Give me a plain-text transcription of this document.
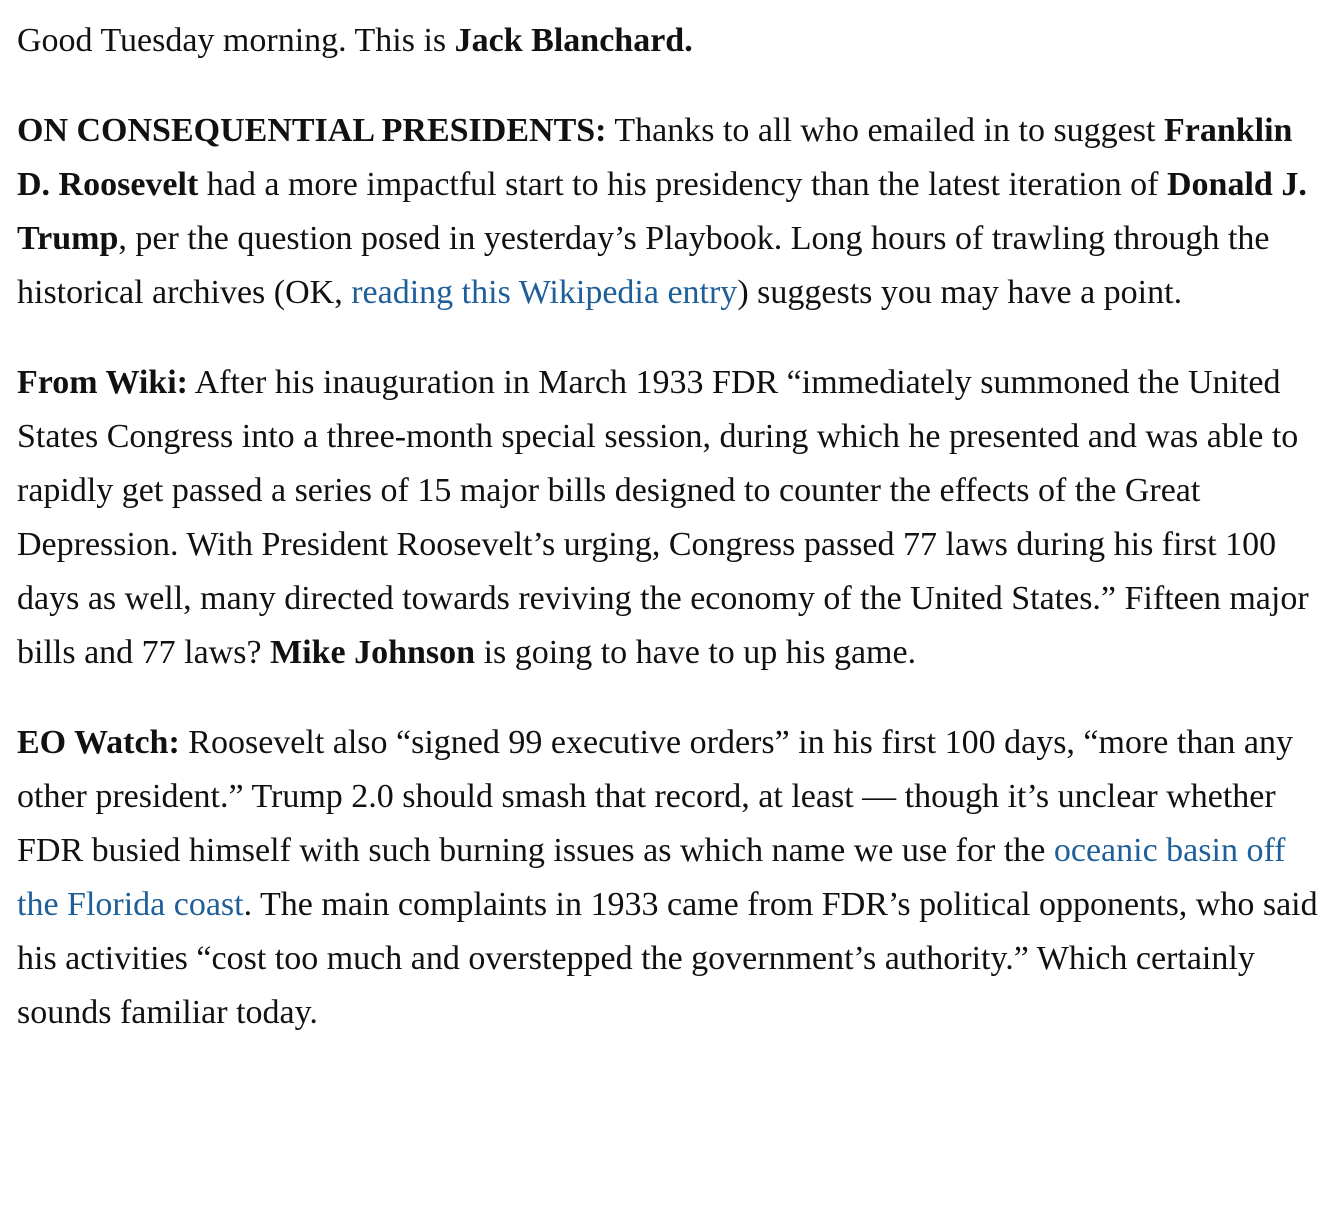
Good Tuesday morning. This is Jack Blanchard.

ON CONSEQUENTIAL PRESIDENTS: Thanks to all who emailed in to suggest Franklin D. Roosevelt had a more impactful start to his presidency than the latest iteration of Donald J. Trump, per the question posed in yesterday’s Playbook. Long hours of trawling through the historical archives (OK, reading this Wikipedia entry) suggests you may have a point.

From Wiki: After his inauguration in March 1933 FDR “immediately summoned the United States Congress into a three-month special session, during which he presented and was able to rapidly get passed a series of 15 major bills designed to counter the effects of the Great Depression. With President Roosevelt’s urging, Congress passed 77 laws during his first 100 days as well, many directed towards reviving the economy of the United States.” Fifteen major bills and 77 laws? Mike Johnson is going to have to up his game.

EO Watch: Roosevelt also “signed 99 executive orders” in his first 100 days, “more than any other president.” Trump 2.0 should smash that record, at least — though it’s unclear whether FDR busied himself with such burning issues as which name we use for the oceanic basin off the Florida coast. The main complaints in 1933 came from FDR’s political opponents, who said his activities “cost too much and overstepped the government’s authority.” Which certainly sounds familiar today.
